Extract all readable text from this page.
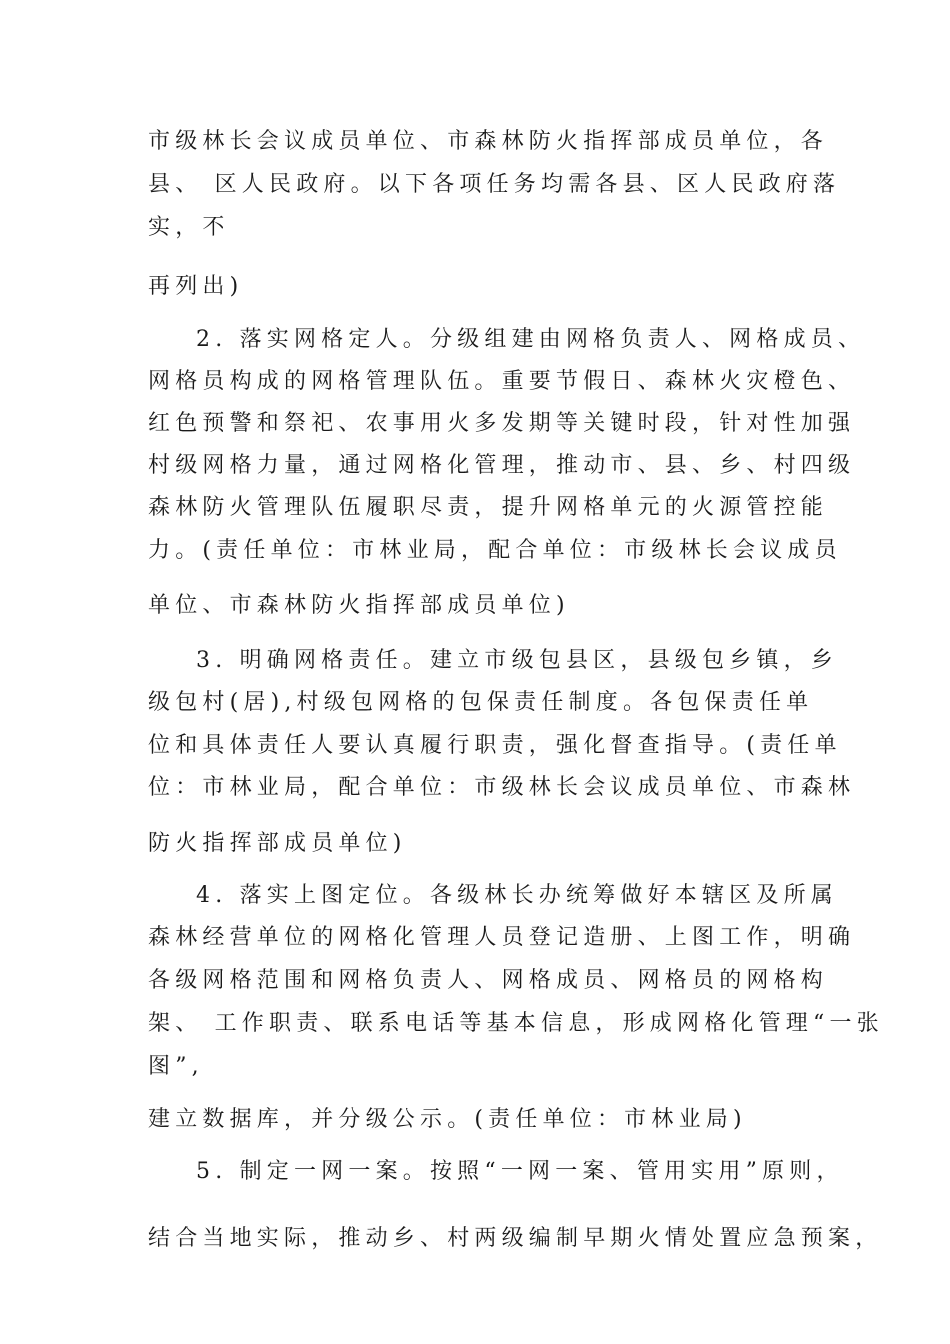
市级林长会议成员单位、市森林防火指挥部成员单位，各
县、 区人民政府。以下各项任务均需各县、区人民政府落
实，不
再列出)
2. 落实网格定人。分级组建由网格负责人、网格成员、
网格员构成的网格管理队伍。重要节假日、森林火灾橙色、
红色预警和祭祀、农事用火多发期等关键时段，针对性加强
村级网格力量，通过网格化管理，推动市、县、乡、村四级
森林防火管理队伍履职尽责，提升网格单元的火源管控能
力。(责任单位：市林业局，配合单位：市级林长会议成员
单位、市森林防火指挥部成员单位)
3. 明确网格责任。建立市级包县区，县级包乡镇，乡
级包村(居),村级包网格的包保责任制度。各包保责任单
位和具体责任人要认真履行职责，强化督查指导。(责任单
位：市林业局，配合单位：市级林长会议成员单位、市森林
防火指挥部成员单位)
4. 落实上图定位。各级林长办统筹做好本辖区及所属
森林经营单位的网格化管理人员登记造册、上图工作，明确
各级网格范围和网格负责人、网格成员、网格员的网格构
架、 工作职责、联系电话等基本信息，形成网格化管理“一张
图”,
建立数据库，并分级公示。(责任单位：市林业局)
5. 制定一网一案。按照“一网一案、管用实用”原则，
结合当地实际，推动乡、村两级编制早期火情处置应急预案，
